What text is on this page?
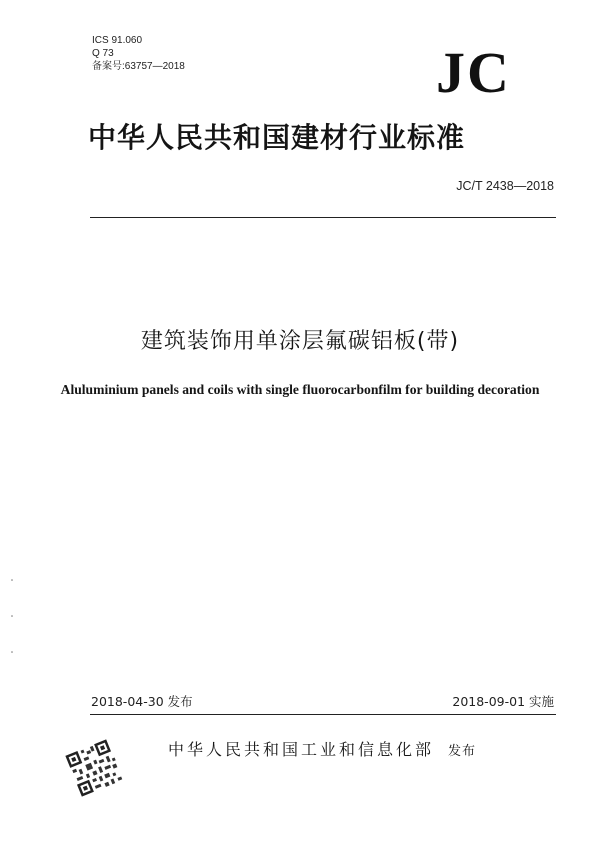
ICS 91.060
Q 73
备案号:63757—2018	JC
中华人民共和国建材行业标准
JC/T 2438—2018
建筑装饰用单涂层氟碳铝板(带)
Aluluminium panels and coils with single fluorocarbonfilm for building decoration
2018-04-30 发布	2018-09-01 实施
中华人民共和国工业和信息化部 发布
